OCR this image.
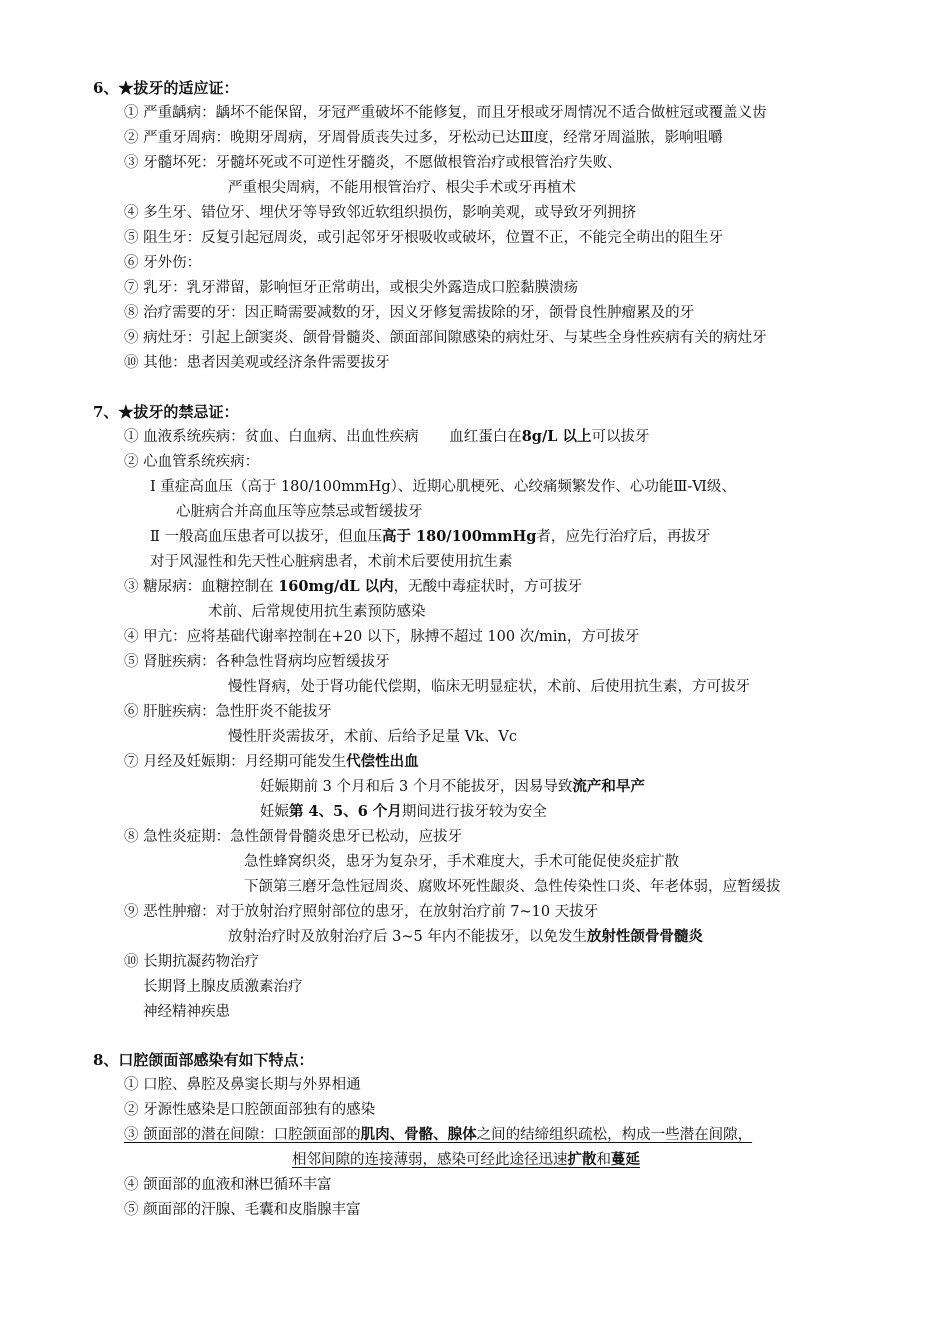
6、★拔牙的适应证：
① 严重龋病：龋坏不能保留，牙冠严重破坏不能修复，而且牙根或牙周情况不适合做桩冠或覆盖义齿
② 严重牙周病：晚期牙周病，牙周骨质丧失过多，牙松动已达Ⅲ度，经常牙周溢脓，影响咀嚼
③ 牙髓坏死：牙髓坏死或不可逆性牙髓炎，不愿做根管治疗或根管治疗失败、
严重根尖周病，不能用根管治疗、根尖手术或牙再植术
④ 多生牙、错位牙、埋伏牙等导致邻近软组织损伤，影响美观，或导致牙列拥挤
⑤ 阻生牙：反复引起冠周炎，或引起邻牙牙根吸收或破坏，位置不正，不能完全萌出的阻生牙
⑥ 牙外伤：
⑦ 乳牙：乳牙滞留，影响恒牙正常萌出，或根尖外露造成口腔黏膜溃疡
⑧ 治疗需要的牙：因正畸需要减数的牙，因义牙修复需拔除的牙，颌骨良性肿瘤累及的牙
⑨ 病灶牙：引起上颌窦炎、颌骨骨髓炎、颌面部间隙感染的病灶牙、与某些全身性疾病有关的病灶牙
⑩ 其他：患者因美观或经济条件需要拔牙
7、★拔牙的禁忌证：
① 血液系统疾病：贫血、白血病、出血性疾病 血红蛋白在8g/L 以上可以拔牙
② 心血管系统疾病：
Ⅰ 重症高血压（高于 180/100mmHg）、近期心肌梗死、心绞痛频繁发作、心功能Ⅲ-Ⅵ级、
心脏病合并高血压等应禁忌或暂缓拔牙
Ⅱ 一般高血压患者可以拔牙，但血压高于 180/100mmHg者，应先行治疗后，再拔牙
对于风湿性和先天性心脏病患者，术前术后要使用抗生素
③ 糖尿病：血糖控制在 160mg/dL 以内，无酸中毒症状时，方可拔牙
术前、后常规使用抗生素预防感染
④ 甲亢：应将基础代谢率控制在+20 以下，脉搏不超过 100 次/min，方可拔牙
⑤ 肾脏疾病：各种急性肾病均应暂缓拔牙
慢性肾病，处于肾功能代偿期，临床无明显症状，术前、后使用抗生素，方可拔牙
⑥ 肝脏疾病：急性肝炎不能拔牙
慢性肝炎需拔牙，术前、后给予足量 Vk、Vc
⑦ 月经及妊娠期：月经期可能发生代偿性出血
妊娠期前 3 个月和后 3 个月不能拔牙，因易导致流产和早产
妊娠第 4、5、6 个月期间进行拔牙较为安全
⑧ 急性炎症期：急性颌骨骨髓炎患牙已松动，应拔牙
急性蜂窝织炎，患牙为复杂牙，手术难度大，手术可能促使炎症扩散
下颌第三磨牙急性冠周炎、腐败坏死性龈炎、急性传染性口炎、年老体弱，应暂缓拔
⑨ 恶性肿瘤：对于放射治疗照射部位的患牙，在放射治疗前 7~10 天拔牙
放射治疗时及放射治疗后 3~5 年内不能拔牙，以免发生放射性颌骨骨髓炎
⑩ 长期抗凝药物治疗
长期肾上腺皮质激素治疗
神经精神疾患
8、口腔颌面部感染有如下特点：
① 口腔、鼻腔及鼻窦长期与外界相通
② 牙源性感染是口腔颌面部独有的感染
③ 颌面部的潜在间隙：口腔颌面部的肌肉、骨骼、腺体之间的结缔组织疏松，构成一些潜在间隙，
相邻间隙的连接薄弱，感染可经此途径迅速扩散和蔓延
④ 颌面部的血液和淋巴循环丰富
⑤ 颜面部的汗腺、毛囊和皮脂腺丰富
